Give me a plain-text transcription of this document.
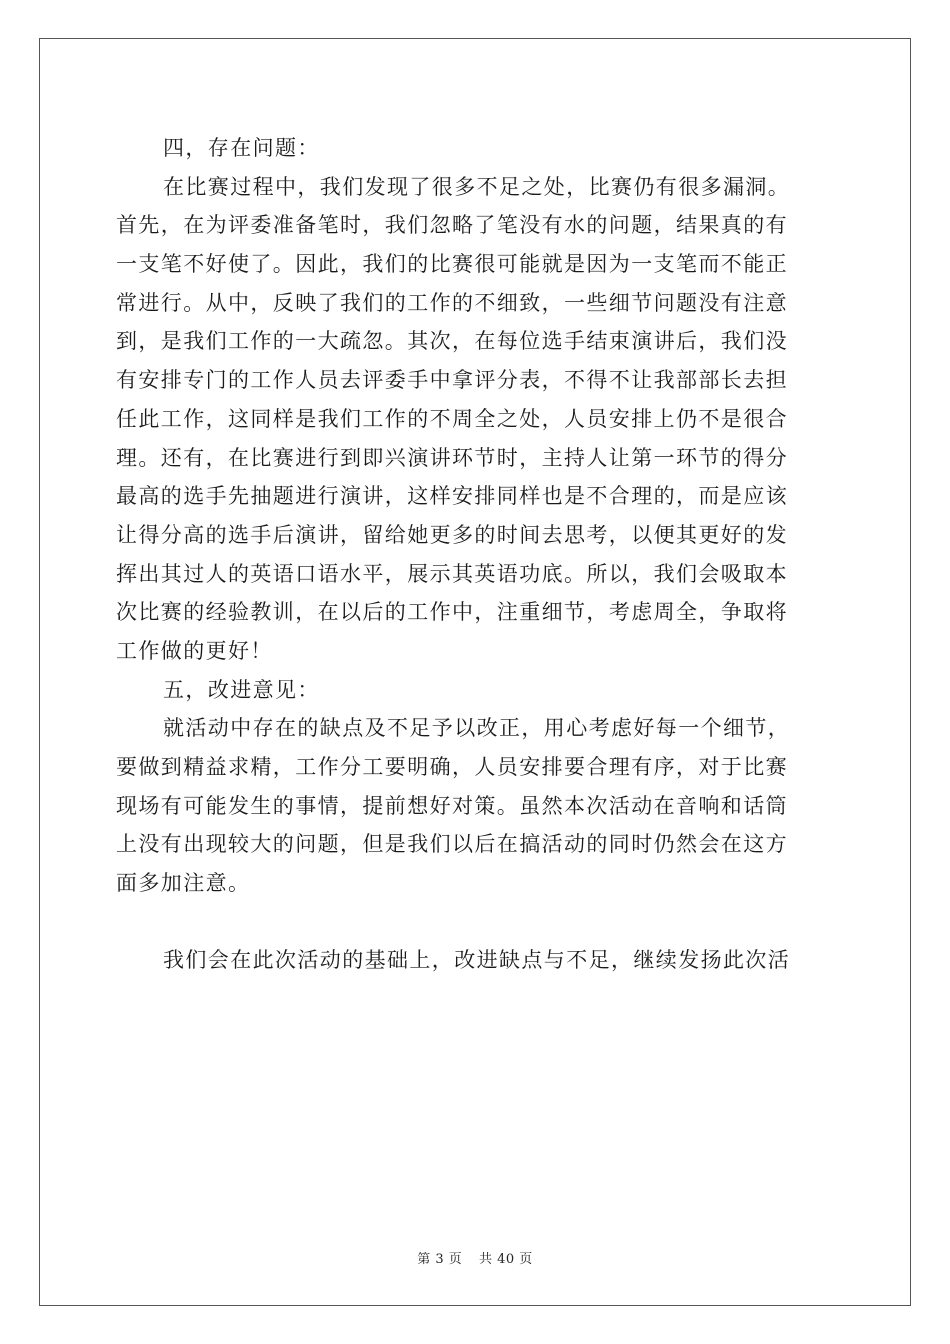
四，存在问题：
在比赛过程中，我们发现了很多不足之处，比赛仍有很多漏洞。
首先，在为评委准备笔时，我们忽略了笔没有水的问题，结果真的有
一支笔不好使了。因此，我们的比赛很可能就是因为一支笔而不能正
常进行。从中，反映了我们的工作的不细致，一些细节问题没有注意
到，是我们工作的一大疏忽。其次，在每位选手结束演讲后，我们没
有安排专门的工作人员去评委手中拿评分表，不得不让我部部长去担
任此工作，这同样是我们工作的不周全之处，人员安排上仍不是很合
理。还有，在比赛进行到即兴演讲环节时，主持人让第一环节的得分
最高的选手先抽题进行演讲，这样安排同样也是不合理的，而是应该
让得分高的选手后演讲，留给她更多的时间去思考，以便其更好的发
挥出其过人的英语口语水平，展示其英语功底。所以，我们会吸取本
次比赛的经验教训，在以后的工作中，注重细节，考虑周全，争取将
工作做的更好！
五，改进意见：
就活动中存在的缺点及不足予以改正，用心考虑好每一个细节，
要做到精益求精，工作分工要明确，人员安排要合理有序，对于比赛
现场有可能发生的事情，提前想好对策。虽然本次活动在音响和话筒
上没有出现较大的问题，但是我们以后在搞活动的同时仍然会在这方
面多加注意。
我们会在此次活动的基础上，改进缺点与不足，继续发扬此次活
第 3 页 共 40 页
